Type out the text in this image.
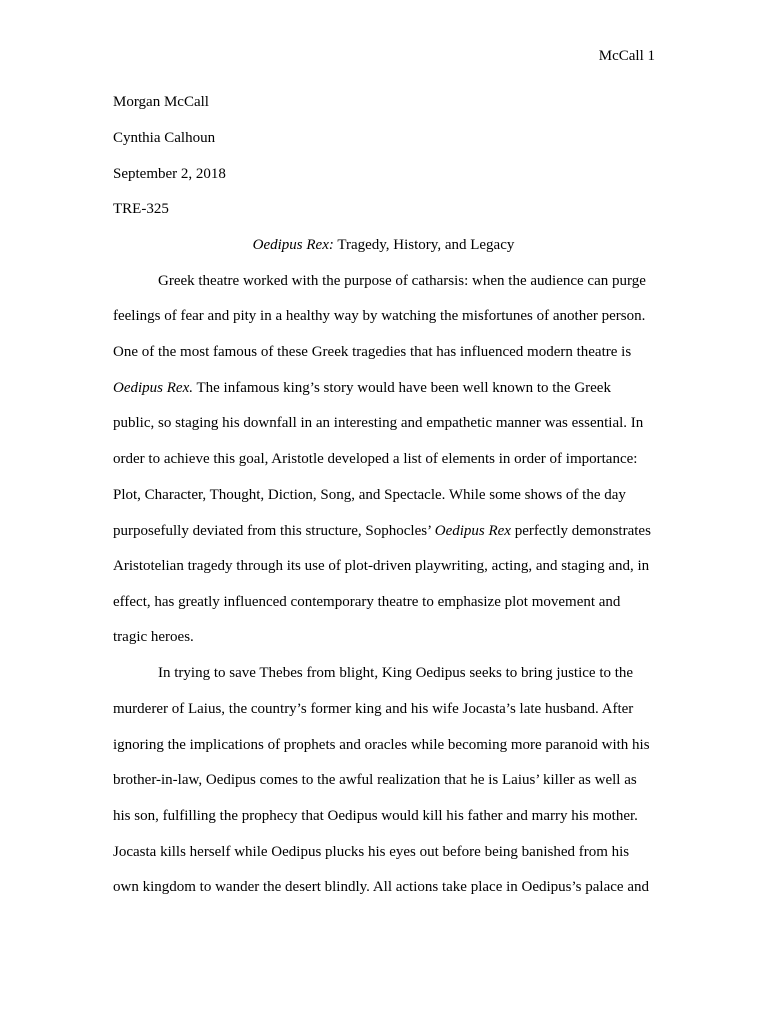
McCall 1
Morgan McCall
Cynthia Calhoun
September 2, 2018
TRE-325
Oedipus Rex: Tragedy, History, and Legacy
Greek theatre worked with the purpose of catharsis: when the audience can purge
feelings of fear and pity in a healthy way by watching the misfortunes of another person.
One of the most famous of these Greek tragedies that has influenced modern theatre is
Oedipus Rex. The infamous king’s story would have been well known to the Greek
public, so staging his downfall in an interesting and empathetic manner was essential. In
order to achieve this goal, Aristotle developed a list of elements in order of importance:
Plot, Character, Thought, Diction, Song, and Spectacle. While some shows of the day
purposefully deviated from this structure, Sophocles’ Oedipus Rex perfectly demonstrates
Aristotelian tragedy through its use of plot-driven playwriting, acting, and staging and, in
effect, has greatly influenced contemporary theatre to emphasize plot movement and
tragic heroes.
In trying to save Thebes from blight, King Oedipus seeks to bring justice to the
murderer of Laius, the country’s former king and his wife Jocasta’s late husband. After
ignoring the implications of prophets and oracles while becoming more paranoid with his
brother-in-law, Oedipus comes to the awful realization that he is Laius’ killer as well as
his son, fulfilling the prophecy that Oedipus would kill his father and marry his mother.
Jocasta kills herself while Oedipus plucks his eyes out before being banished from his
own kingdom to wander the desert blindly. All actions take place in Oedipus’s palace and
